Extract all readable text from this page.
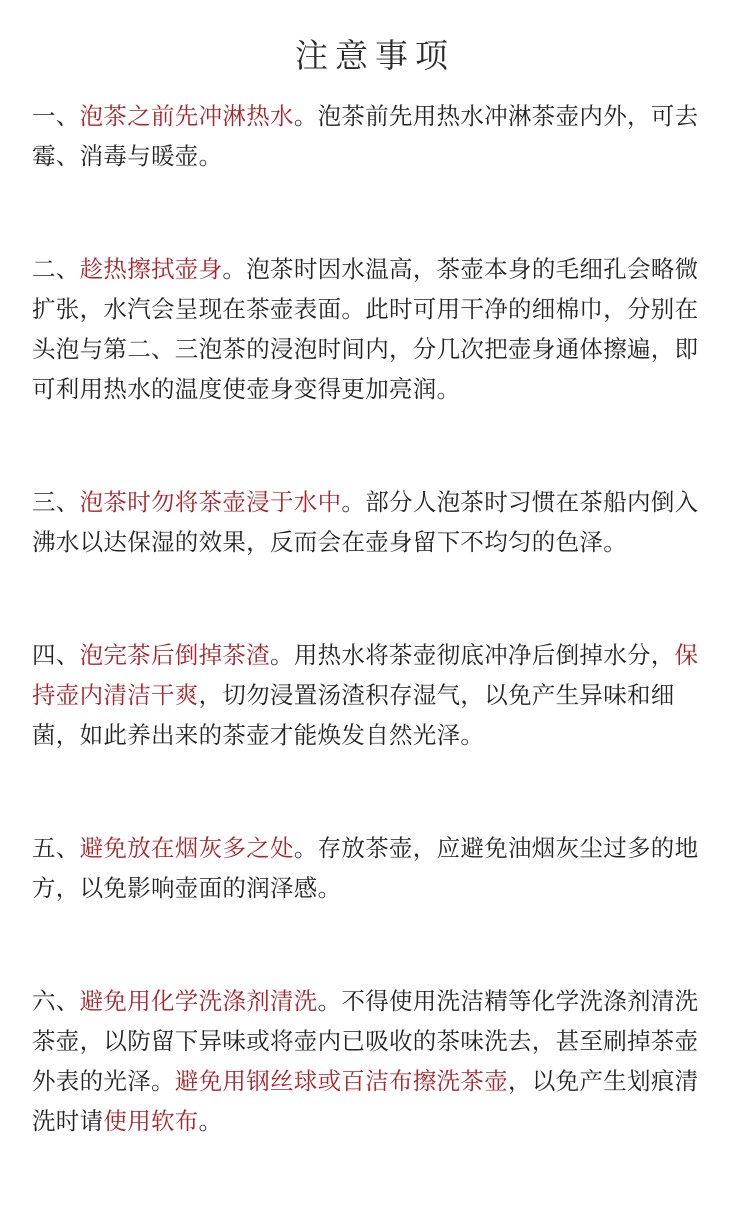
注意事项

一、泡茶之前先冲淋热水。泡茶前先用热水冲淋茶壶内外，可去霉、消毒与暖壶。

二、趁热擦拭壶身。泡茶时因水温高，茶壶本身的毛细孔会略微扩张，水汽会呈现在茶壶表面。此时可用干净的细棉巾，分别在头泡与第二、三泡茶的浸泡时间内，分几次把壶身通体擦遍，即可利用热水的温度使壶身变得更加亮润。

三、泡茶时勿将茶壶浸于水中。部分人泡茶时习惯在茶船内倒入沸水以达保湿的效果，反而会在壶身留下不均匀的色泽。

四、泡完茶后倒掉茶渣。用热水将茶壶彻底冲净后倒掉水分，保持壶内清洁干爽，切勿浸置汤渣积存湿气，以免产生异味和细菌，如此养出来的茶壶才能焕发自然光泽。

五、避免放在烟灰多之处。存放茶壶，应避免油烟灰尘过多的地方，以免影响壶面的润泽感。

六、避免用化学洗涤剂清洗。不得使用洗洁精等化学洗涤剂清洗茶壶，以防留下异味或将壶内已吸收的茶味洗去，甚至刷掉茶壶外表的光泽。避免用钢丝球或百洁布擦洗茶壶，以免产生划痕清洗时请使用软布。
